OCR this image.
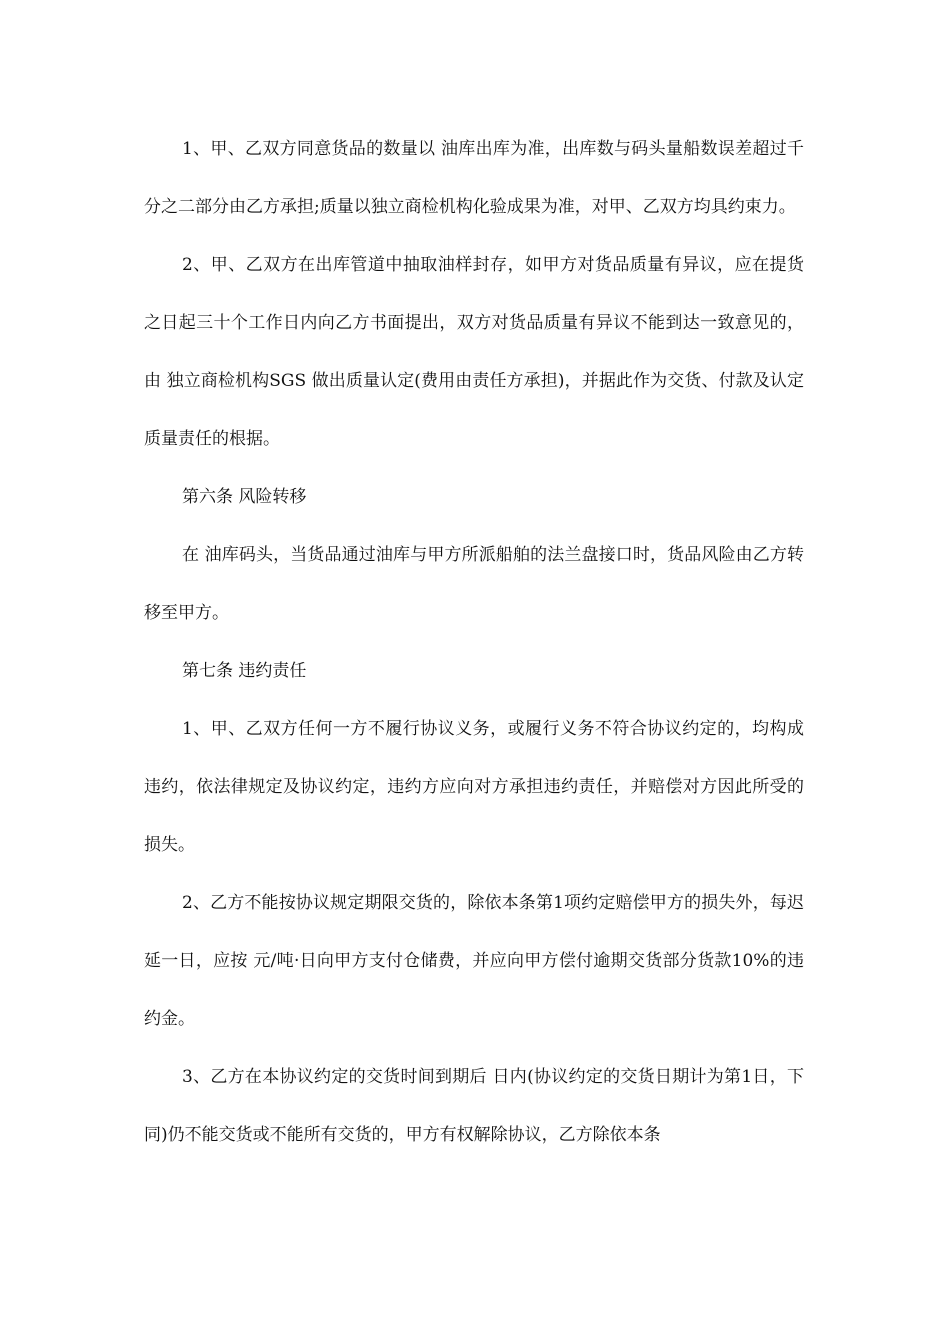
1、甲、乙双方同意货品的数量以 油库出库为准，出库数与码头量船数误差超过千分之二部分由乙方承担;质量以独立商检机构化验成果为准，对甲、乙双方均具约束力。

2、甲、乙双方在出库管道中抽取油样封存，如甲方对货品质量有异议，应在提货之日起三十个工作日内向乙方书面提出，双方对货品质量有异议不能到达一致意见的，由 独立商检机构SGS 做出质量认定(费用由责任方承担)，并据此作为交货、付款及认定质量责任的根据。

第六条 风险转移

在 油库码头，当货品通过油库与甲方所派船舶的法兰盘接口时，货品风险由乙方转移至甲方。

第七条 违约责任

1、甲、乙双方任何一方不履行协议义务，或履行义务不符合协议约定的，均构成违约，依法律规定及协议约定，违约方应向对方承担违约责任，并赔偿对方因此所受的损失。

2、乙方不能按协议规定期限交货的，除依本条第1项约定赔偿甲方的损失外，每迟延一日，应按 元/吨·日向甲方支付仓储费，并应向甲方偿付逾期交货部分货款10%的违约金。

3、乙方在本协议约定的交货时间到期后 日内(协议约定的交货日期计为第1日，下同)仍不能交货或不能所有交货的，甲方有权解除协议，乙方除依本条
